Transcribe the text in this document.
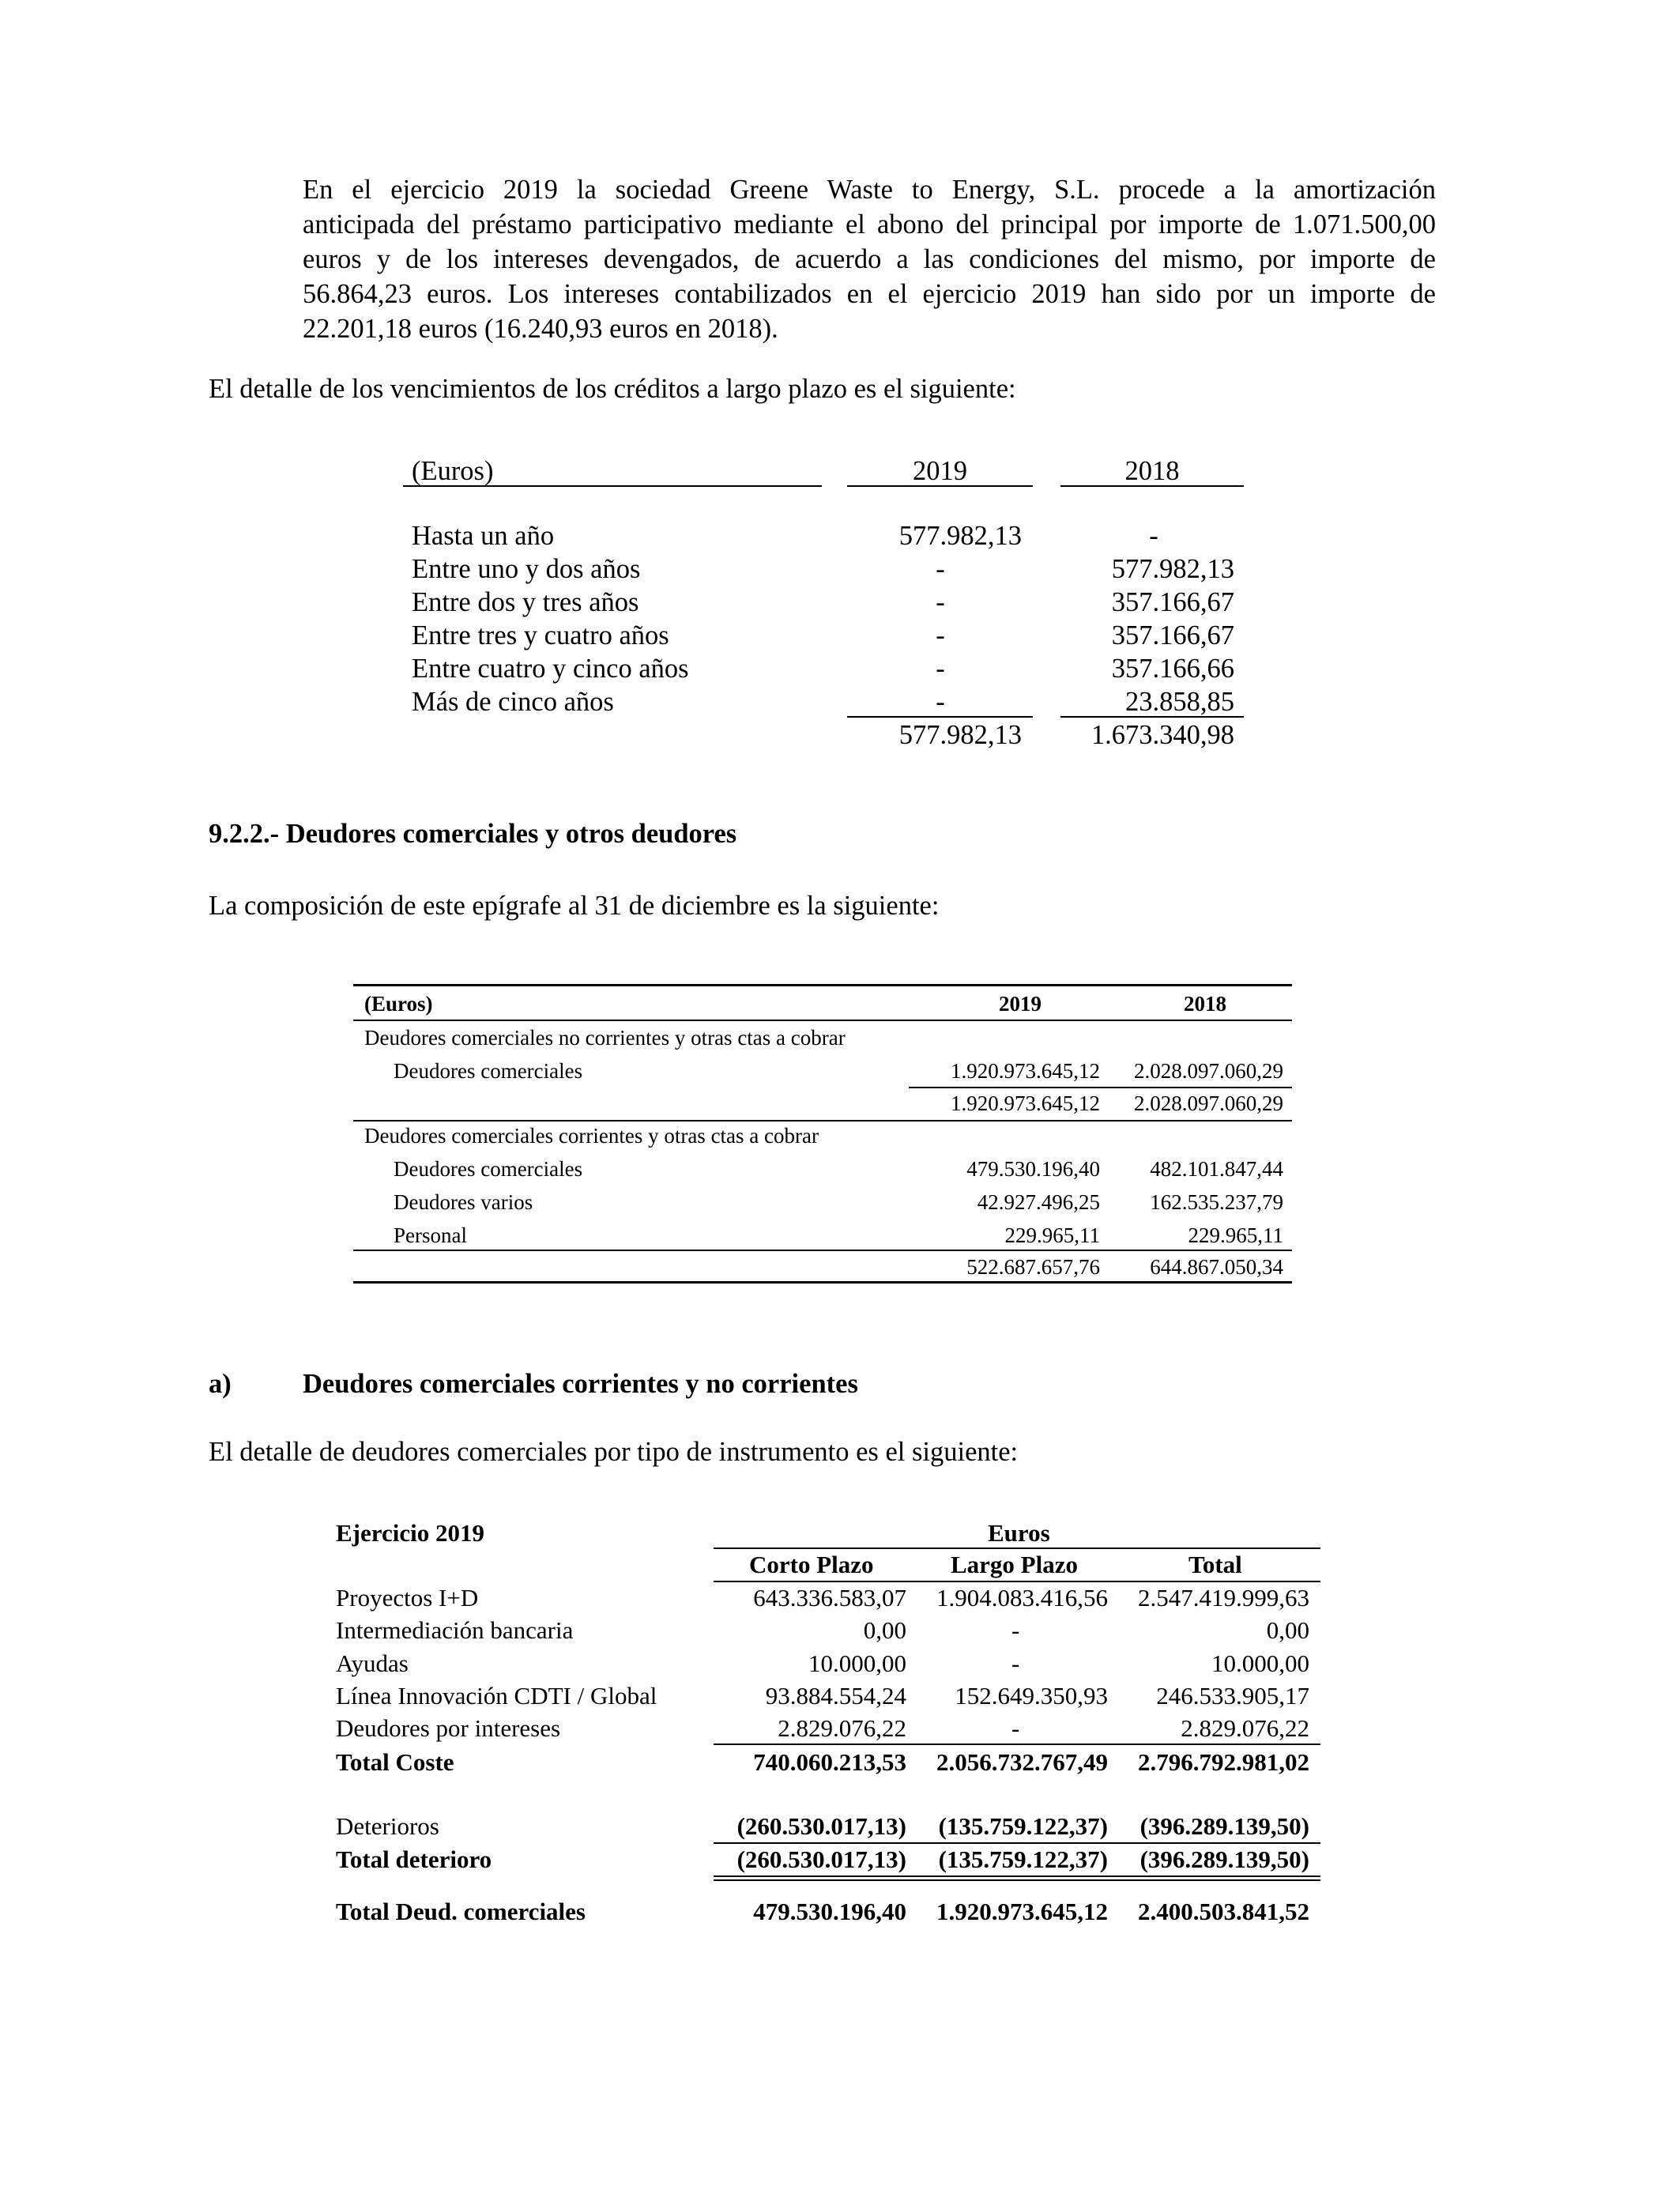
En el ejercicio 2019 la sociedad Greene Waste to Energy, S.L. procede a la amortización
anticipada del préstamo participativo mediante el abono del principal por importe de 1.071.500,00
euros y de los intereses devengados, de acuerdo a las condiciones del mismo, por importe de
56.864,23 euros. Los intereses contabilizados en el ejercicio 2019 han sido por un importe de
22.201,18 euros (16.240,93 euros en 2018).
El detalle de los vencimientos de los créditos a largo plazo es el siguiente:
(Euros)	2019	2018
Hasta un año	577.982,13	-
Entre uno y dos años	-	577.982,13
Entre dos y tres años	-	357.166,67
Entre tres y cuatro años	-	357.166,67
Entre cuatro y cinco años	-	357.166,66
Más de cinco años	-	23.858,85
577.982,13	1.673.340,98
9.2.2.- Deudores comerciales y otros deudores
La composición de este epígrafe al 31 de diciembre es la siguiente:
(Euros)	2019	2018
Deudores comerciales no corrientes y otras ctas a cobrar
Deudores comerciales	1.920.973.645,12 2.028.097.060,29
1.920.973.645,12 2.028.097.060,29
Deudores comerciales corrientes y otras ctas a cobrar
Deudores comerciales	479.530.196,40 482.101.847,44
Deudores varios	42.927.496,25 162.535.237,79
Personal	229.965,11	229.965,11
522.687.657,76 644.867.050,34
a)	Deudores comerciales corrientes y no corrientes
El detalle de deudores comerciales por tipo de instrumento es el siguiente:
Ejercicio 2019	Euros
Corto Plazo	Largo Plazo	Total
Proyectos I+D	643.336.583,07 1.904.083.416,56 2.547.419.999,63
Intermediación bancaria	0,00	-	0,00
Ayudas	10.000,00	-	10.000,00
Línea Innovación CDTI / Global	93.884.554,24 152.649.350,93 246.533.905,17
Deudores por intereses	2.829.076,22	-	2.829.076,22
Total Coste	740.060.213,53 2.056.732.767,49 2.796.792.981,02
Deterioros	(260.530.017,13) (135.759.122,37) (396.289.139,50)
Total deterioro	(260.530.017,13) (135.759.122,37) (396.289.139,50)
Total Deud. comerciales	479.530.196,40 1.920.973.645,12 2.400.503.841,52
